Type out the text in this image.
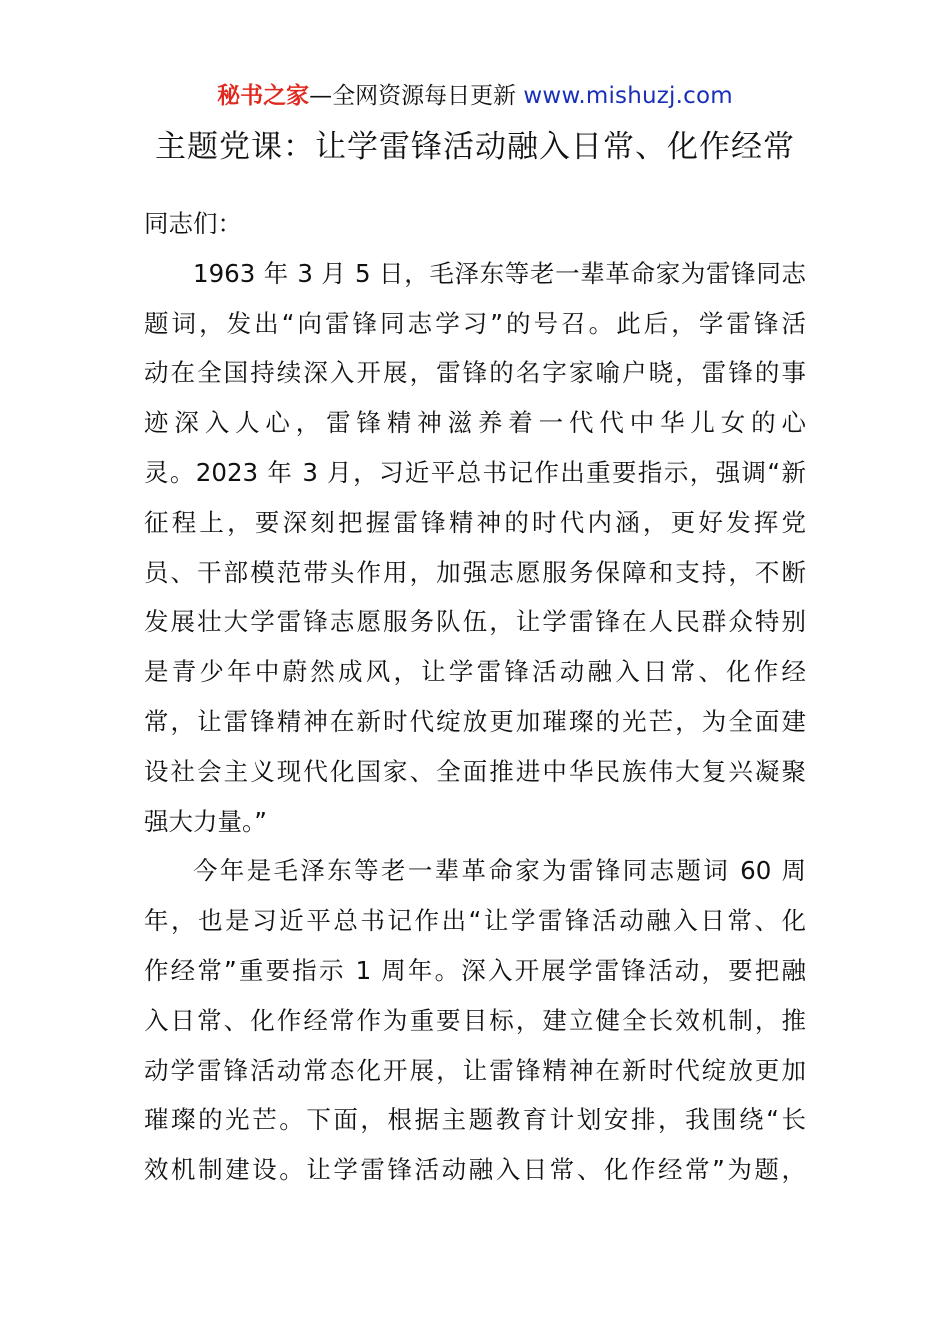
秘书之家—全网资源每日更新 www.mishuzj.com
主题党课：让学雷锋活动融入日常、化作经常
同志们：
1963 年 3 月 5 日，毛泽东等老一辈革命家为雷锋同志
题词，发出“向雷锋同志学习”的号召。此后，学雷锋活
动在全国持续深入开展，雷锋的名字家喻户晓，雷锋的事
迹深入人心，雷锋精神滋养着一代代中华儿女的心
灵。2023 年 3 月，习近平总书记作出重要指示，强调“新
征程上，要深刻把握雷锋精神的时代内涵，更好发挥党
员、干部模范带头作用，加强志愿服务保障和支持，不断
发展壮大学雷锋志愿服务队伍，让学雷锋在人民群众特别
是青少年中蔚然成风，让学雷锋活动融入日常、化作经
常，让雷锋精神在新时代绽放更加璀璨的光芒，为全面建
设社会主义现代化国家、全面推进中华民族伟大复兴凝聚
强大力量。”
今年是毛泽东等老一辈革命家为雷锋同志题词 60 周
年，也是习近平总书记作出“让学雷锋活动融入日常、化
作经常”重要指示 1 周年。深入开展学雷锋活动，要把融
入日常、化作经常作为重要目标，建立健全长效机制，推
动学雷锋活动常态化开展，让雷锋精神在新时代绽放更加
璀璨的光芒。下面，根据主题教育计划安排，我围绕“长
效机制建设。让学雷锋活动融入日常、化作经常”为题，
